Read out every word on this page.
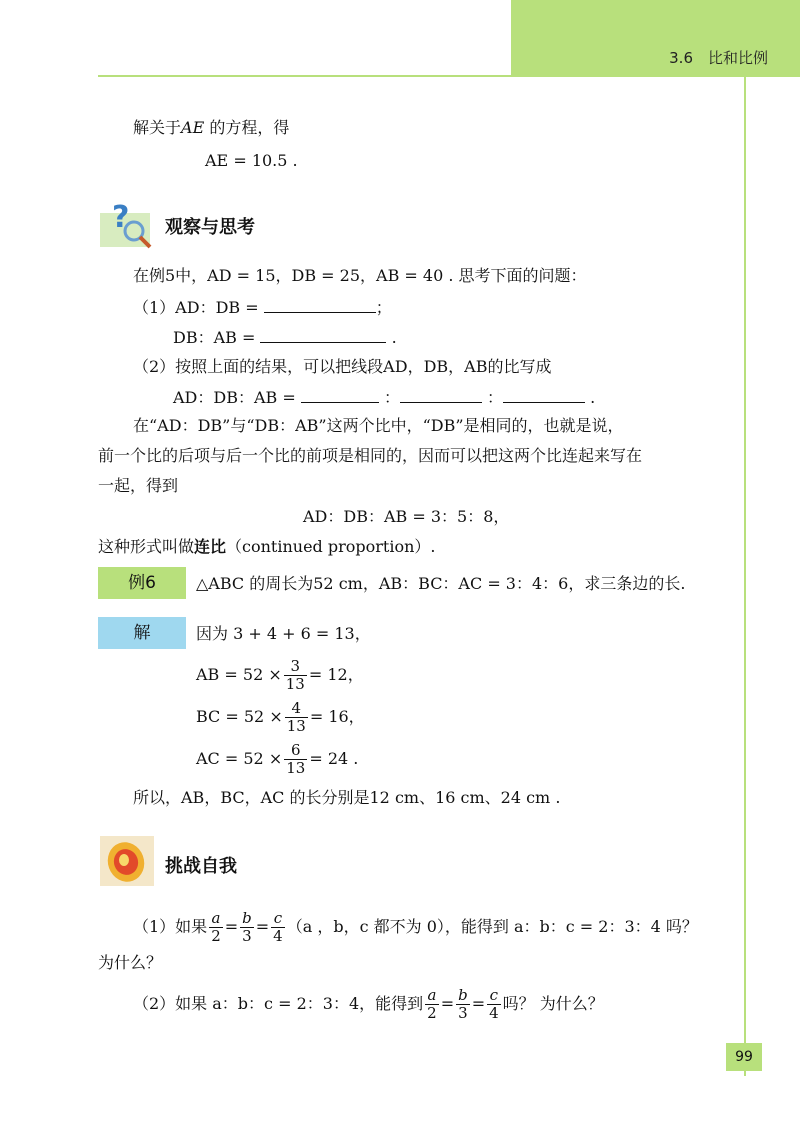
3.6　比和比例
解关于AE 的方程，得
AE = 10.5 .
? 观察与思考
在例5中，AD = 15，DB = 25，AB = 40 . 思考下面的问题：
（1）AD：DB =	；
DB：AB =	.
（2）按照上面的结果，可以把线段AD，DB，AB的比写成
AD：DB：AB =	：	：	.
在“AD：DB”与“DB：AB”这两个比中，“DB”是相同的，也就是说，
前一个比的后项与后一个比的前项是相同的，因而可以把这两个比连起来写在
一起，得到
AD：DB：AB = 3：5：8，
这种形式叫做连比（continued proportion）.
例6	△ABC 的周长为52 cm，AB：BC：AC = 3：4：6，求三条边的长.
解	因为 3 + 4 + 6 = 13，
AB = $52 \times \frac{3}{13} = 12$，
BC = $52 \times \frac{4}{13} = 16$，
AC = $52 \times \frac{6}{13} = 24$ .
所以，AB，BC，AC 的长分别是12 cm、16 cm、24 cm .
挑战自我
（1）如果 $\frac{a}{2} = \frac{b}{3} = \frac{c}{4} (a$ ，b，c 都不为 0），能得到 a：b：c = 2：3：4 吗？
为什么？
（2）如果 a：b：c = 2：3：4，能得到 $\frac{a}{2} = \frac{b}{3} = \frac{c}{4}$ 吗？ 为什么？
99
